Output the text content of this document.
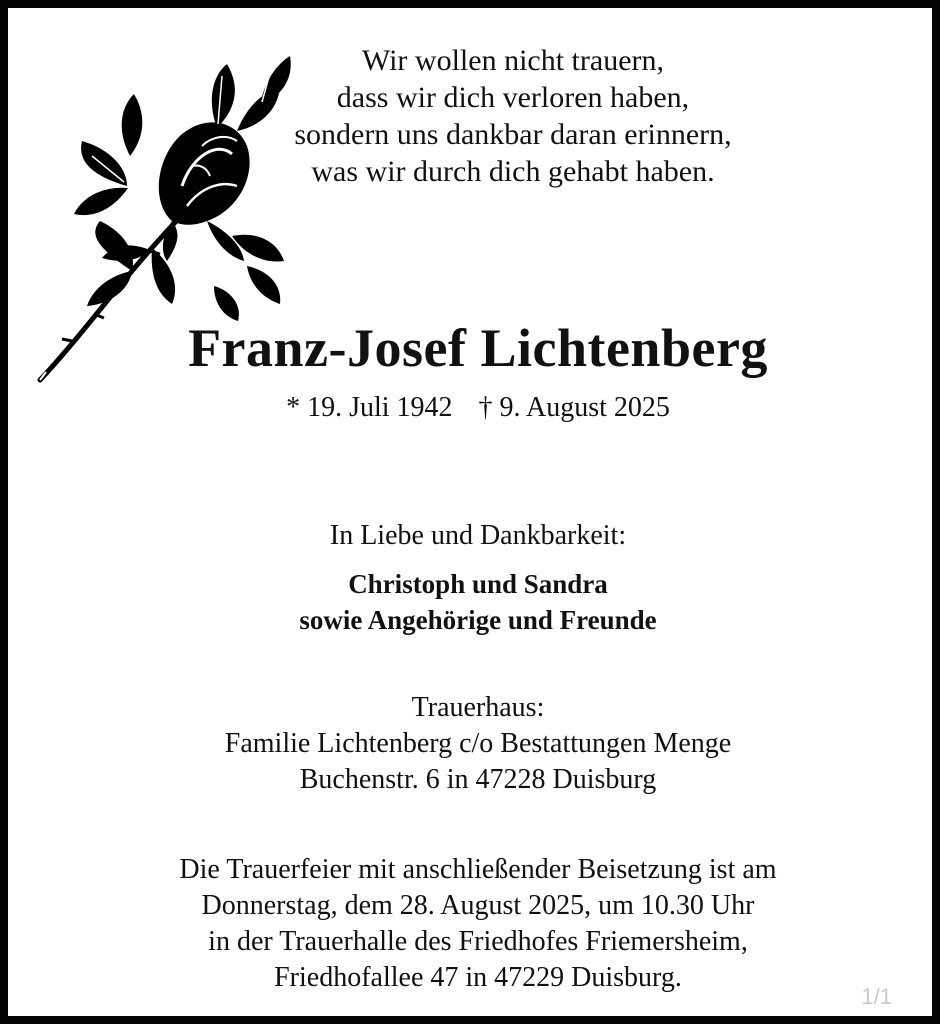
Wir wollen nicht trauern,
dass wir dich verloren haben,
sondern uns dankbar daran erinnern,
was wir durch dich gehabt haben.
Franz-Josef Lichtenberg
* 19. Juli 1942 † 9. August 2025
In Liebe und Dankbarkeit:
Christoph und Sandra
sowie Angehörige und Freunde
Trauerhaus:
Familie Lichtenberg c/o Bestattungen Menge
Buchenstr. 6 in 47228 Duisburg
Die Trauerfeier mit anschließender Beisetzung ist am
Donnerstag, dem 28. August 2025, um 10.30 Uhr
in der Trauerhalle des Friedhofes Friemersheim,
Friedhofallee 47 in 47229 Duisburg.
1/1
